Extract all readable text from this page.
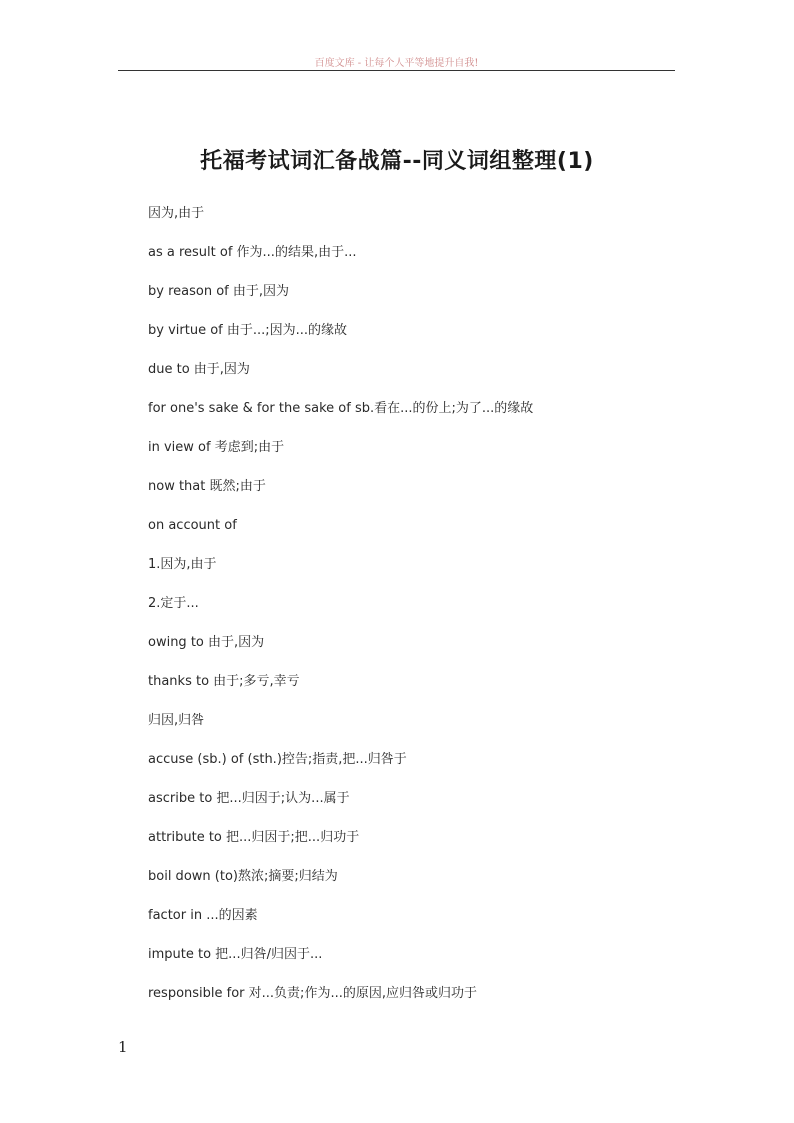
百度文库 - 让每个人平等地提升自我!
托福考试词汇备战篇--同义词组整理(1)
因为,由于
as a result of 作为...的结果,由于...
by reason of 由于,因为
by virtue of 由于...;因为...的缘故
due to 由于,因为
for one's sake & for the sake of sb.看在...的份上;为了...的缘故
in view of 考虑到;由于
now that 既然;由于
on account of
1.因为,由于
2.定于...
owing to 由于,因为
thanks to 由于;多亏,幸亏
归因,归咎
accuse (sb.) of (sth.)控告;指责,把...归咎于
ascribe to 把...归因于;认为...属于
attribute to 把...归因于;把...归功于
boil down (to)熬浓;摘要;归结为
factor in ...的因素
impute to 把...归咎/归因于...
responsible for 对...负责;作为...的原因,应归咎或归功于
1
